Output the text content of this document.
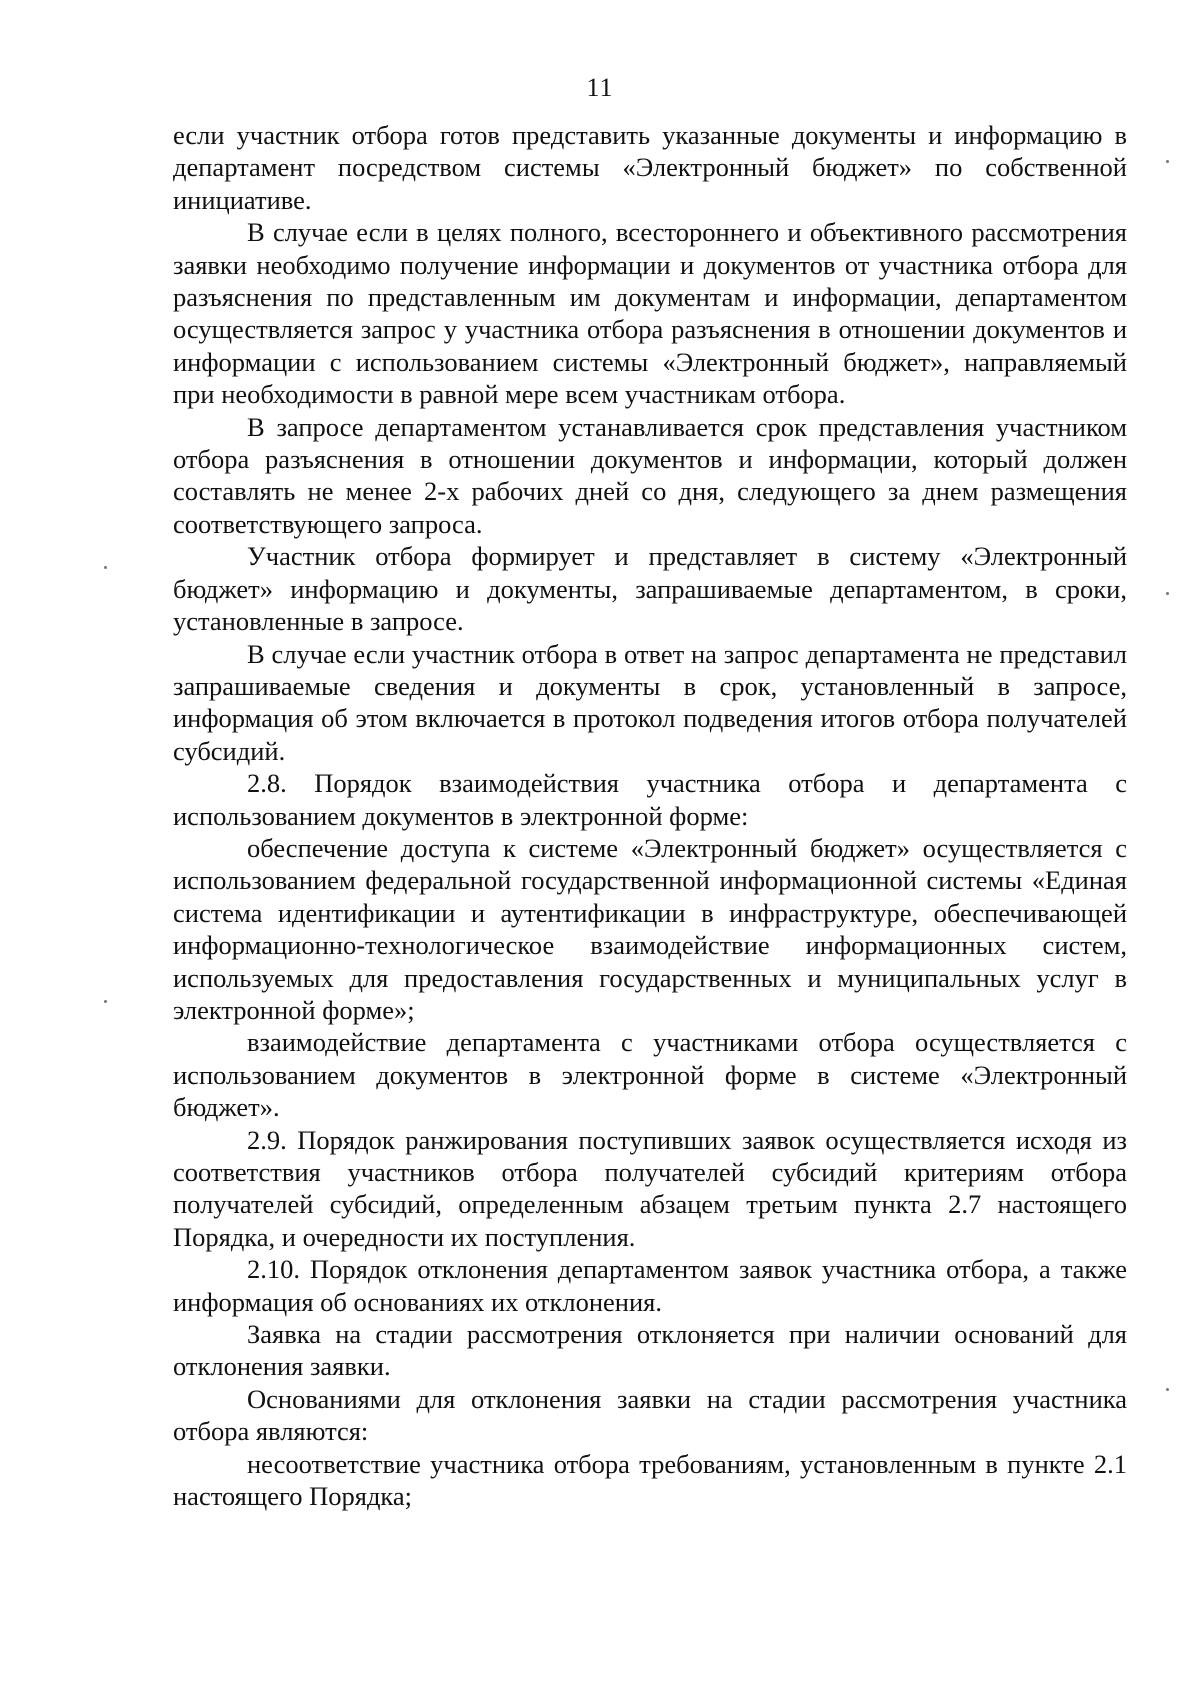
11

если участник отбора готов представить указанные документы и информацию в департамент посредством системы «Электронный бюджет» по собственной инициативе.

В случае если в целях полного, всестороннего и объективного рассмотрения заявки необходимо получение информации и документов от участника отбора для разъяснения по представленным им документам и информации, департаментом осуществляется запрос у участника отбора разъяснения в отношении документов и информации с использованием системы «Электронный бюджет», направляемый при необходимости в равной мере всем участникам отбора.

В запросе департаментом устанавливается срок представления участником отбора разъяснения в отношении документов и информации, который должен составлять не менее 2-х рабочих дней со дня, следующего за днем размещения соответствующего запроса.

Участник отбора формирует и представляет в систему «Электронный бюджет» информацию и документы, запрашиваемые департаментом, в сроки, установленные в запросе.

В случае если участник отбора в ответ на запрос департамента не представил запрашиваемые сведения и документы в срок, установленный в запросе, информация об этом включается в протокол подведения итогов отбора получателей субсидий.

2.8. Порядок взаимодействия участника отбора и департамента с использованием документов в электронной форме:

обеспечение доступа к системе «Электронный бюджет» осуществляется с использованием федеральной государственной информационной системы «Единая система идентификации и аутентификации в инфраструктуре, обеспечивающей информационно-технологическое взаимодействие информационных систем, используемых для предоставления государственных и муниципальных услуг в электронной форме»;

взаимодействие департамента с участниками отбора осуществляется с использованием документов в электронной форме в системе «Электронный бюджет».

2.9. Порядок ранжирования поступивших заявок осуществляется исходя из соответствия участников отбора получателей субсидий критериям отбора получателей субсидий, определенным абзацем третьим пункта 2.7 настоящего Порядка, и очередности их поступления.

2.10. Порядок отклонения департаментом заявок участника отбора, а также информация об основаниях их отклонения.

Заявка на стадии рассмотрения отклоняется при наличии оснований для отклонения заявки.

Основаниями для отклонения заявки на стадии рассмотрения участника отбора являются:

несоответствие участника отбора требованиям, установленным в пункте 2.1 настоящего Порядка;
